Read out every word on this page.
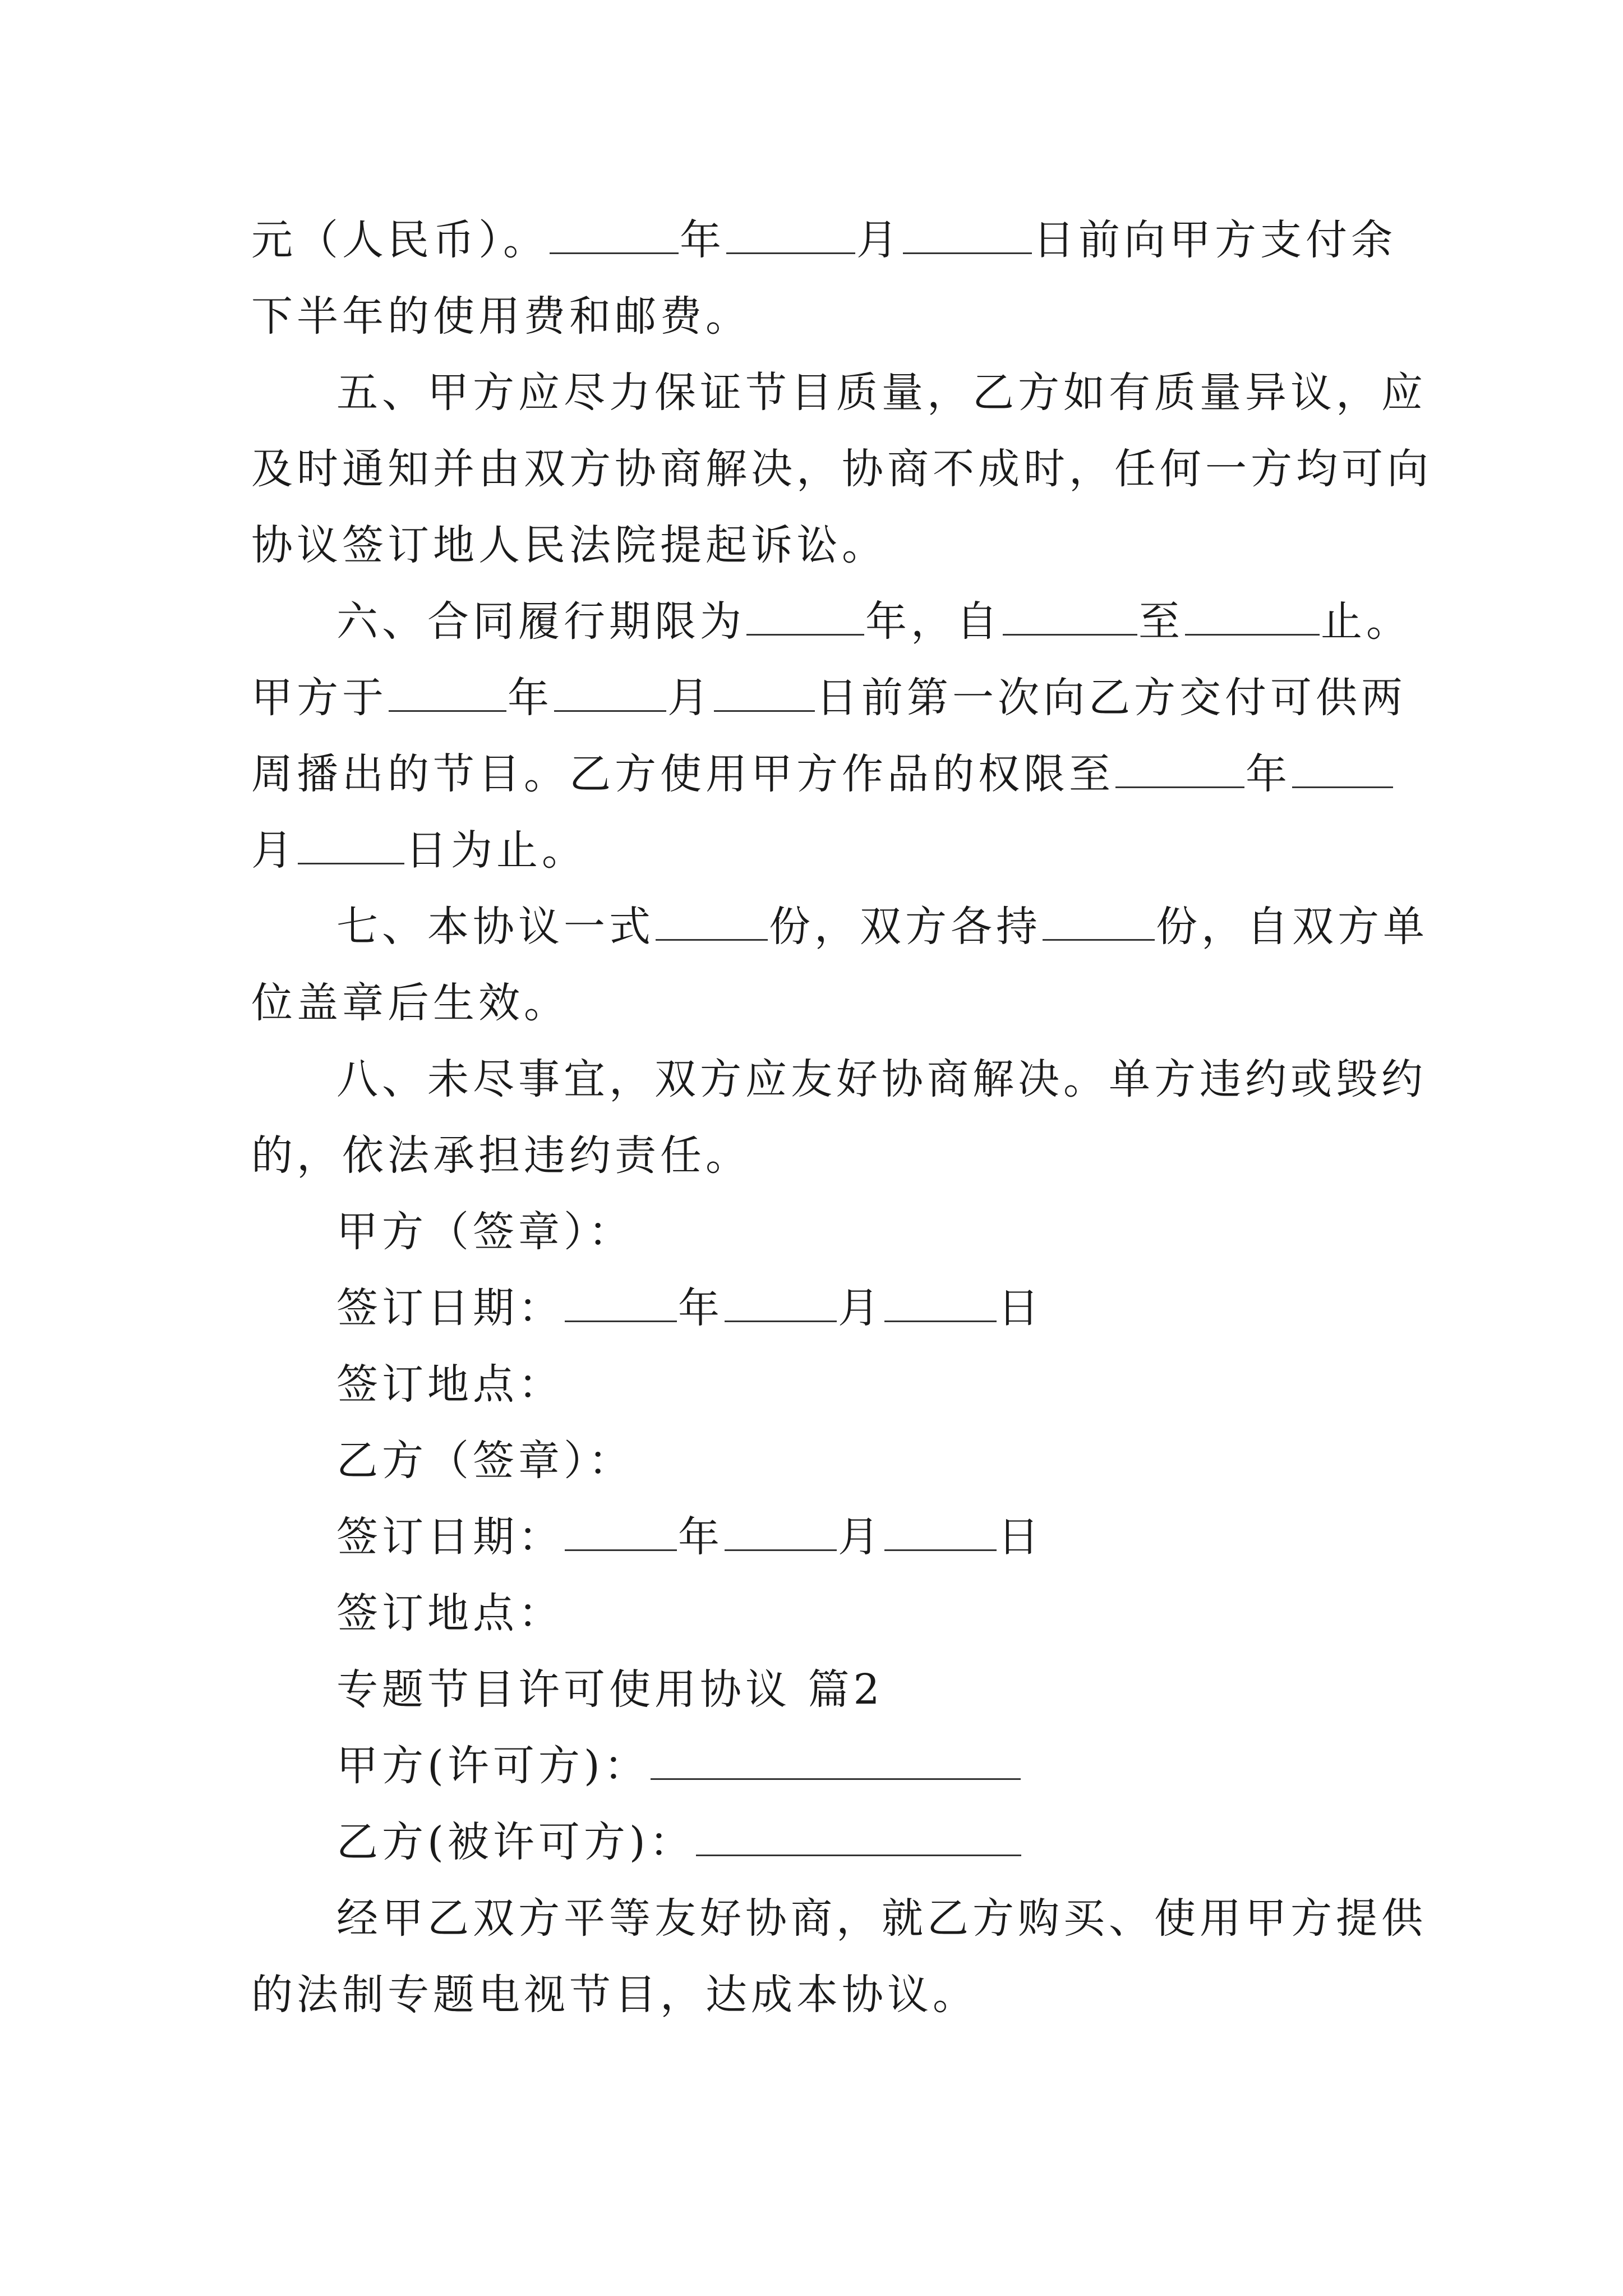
元（人民币）。	年	月	日前向甲方支付余
下半年的使用费和邮费。
五、甲方应尽力保证节目质量，乙方如有质量异议，应
及时通知并由双方协商解决，协商不成时，任何一方均可向
协议签订地人民法院提起诉讼。
六、合同履行期限为	年，自	至	止。
甲方于	年	月 日前第一次向乙方交付可供两
周播出的节目。乙方使用甲方作品的权限至	年
月	日为止。
七、本协议一式	份，双方各持	份，自双方单
位盖章后生效。
八、未尽事宜，双方应友好协商解决。单方违约或毁约
的，依法承担违约责任。
甲方（签章）：
签订日期：	年	月	日
签订地点：
乙方（签章）：
签订日期：	年	月	日
签订地点：
专题节目许可使用协议 篇2
甲方(许可方)：
乙方(被许可方)：
经甲乙双方平等友好协商，就乙方购买、使用甲方提供
的法制专题电视节目，达成本协议。
